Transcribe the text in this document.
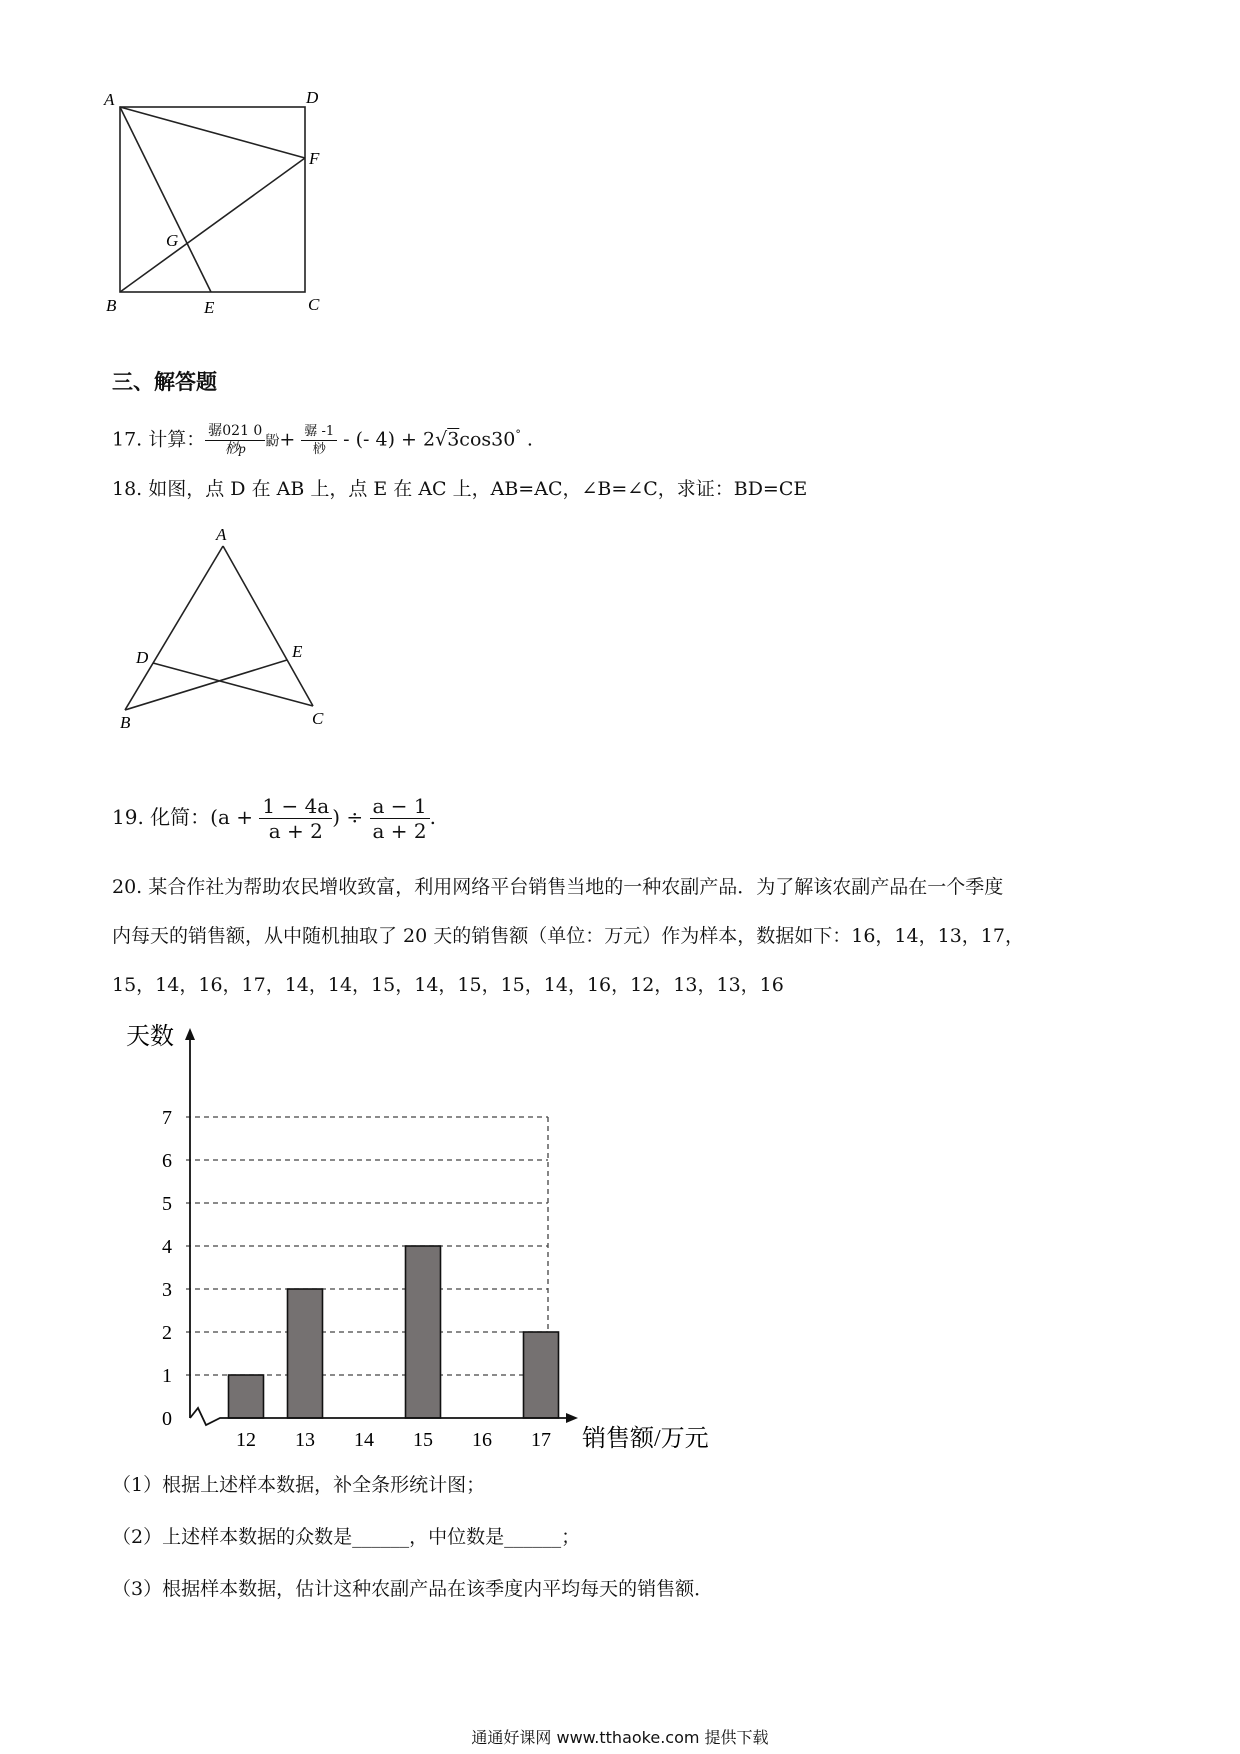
A	D
F
G
B	E	C
三、解答题
17. 计算： $\frac{\text{骣021 0}}{\text{桫p}}$ 鼢+ $\frac{\text{骣 -1}}{\text{桫}}$ - (- 4) + 2√3cos30° .
18. 如图，点 D 在 AB 上，点 E 在 AC 上，AB=AC，∠B=∠C，求证：BD=CE
A
D	E
B	C
19. 化简：($a + \frac{1 - 4a}{a + 2}$ ) ÷ $\frac{a - 1}{a + 2}$ .
20. 某合作社为帮助农民增收致富，利用网络平台销售当地的一种农副产品．为了解该农副产品在一个季度
内每天的销售额，从中随机抽取了 20 天的销售额（单位：万元）作为样本，数据如下：16，14，13，17，
15，14，16，17，14，14，15，14，15，15，14，16，12，13，13，16
0
1
2
3
4
5
6
7
12 13 14 15 16 17
天数
销售额/万元
（1）根据上述样本数据，补全条形统计图；
（2）上述样本数据的众数是______，中位数是______；
（3）根据样本数据，估计这种农副产品在该季度内平均每天的销售额．
通通好课网 www.tthaoke.com 提供下载
